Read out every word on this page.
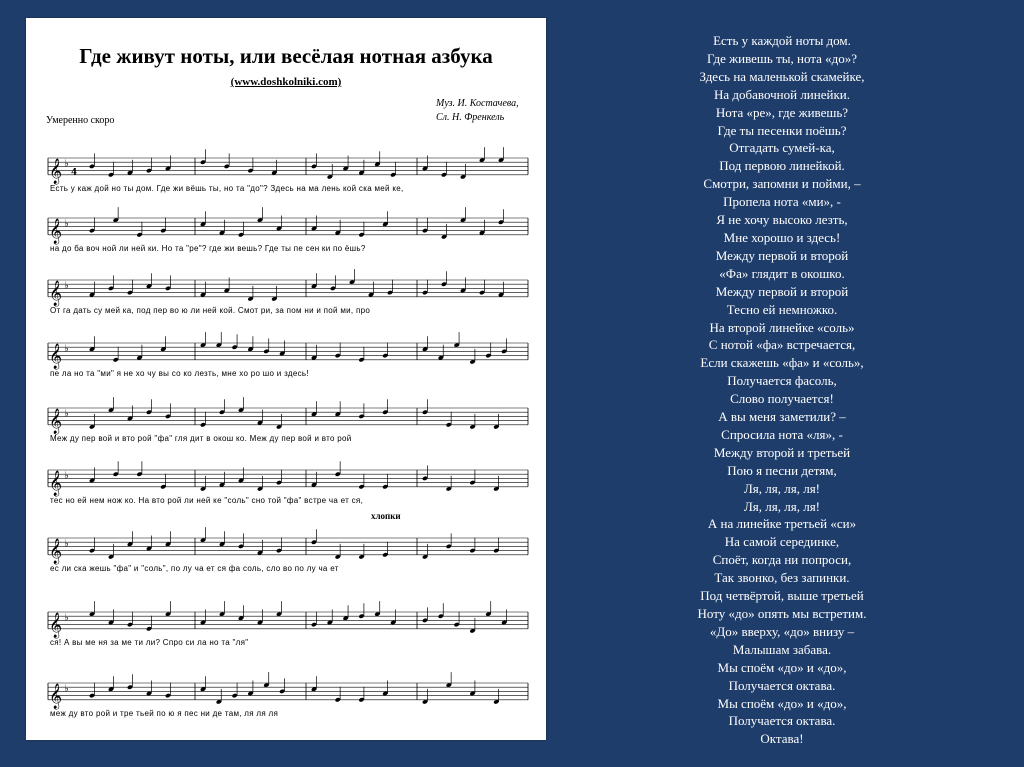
Где живут ноты, или весёлая нотная азбука
(www.doshkolniki.com)
Муз. И. Костачева,
Сл. Н. Френкель
Умеренно скоро
хлопки
𝄞 ♭
4
𝄞 ♭
𝄞 ♭
𝄞 ♭
𝄞 ♭
𝄞 ♭
𝄞 ♭
𝄞 ♭
𝄞 ♭
Есть у каж дой но ты дом. Где жи вёшь ты, но та "до"? Здесь на ма лень кой ска мей ке,
на до ба воч ной ли ней ки. Но та "ре"? где жи вешь? Где ты пе сен ки по ёшь?
От га дать су мей ка, под пер во ю ли ней кой. Смот ри, за пом ни и пой ми, про
пе ла но та "ми" я не хо чу вы со ко лезть, мне хо ро шо и здесь!
Меж ду пер вой и вто рой "фа" гля дит в окош ко. Меж ду пер вой и вто рой
тес но ей нем нож ко. На вто рой ли ней ке "соль" сно той "фа" встре ча ет ся,
ес ли ска жешь "фа" и "соль", по лу ча ет ся фа соль, сло во по лу ча ет
ся! А вы ме ня за ме ти ли? Спро си ла но та "ля"
меж ду вто рой и тре тьей по ю я пес ни де там, ля ля ля
Есть у каждой ноты дом.
Где живешь ты, нота «до»?
Здесь на маленькой скамейке,
На добавочной линейки.
Нота «ре», где живешь?
Где ты песенки поёшь?
Отгадать сумей-ка,
Под первою линейкой.
Смотри, запомни и пойми, –
Пропела нота «ми», -
Я не хочу высоко лезть,
Мне хорошо и здесь!
Между первой и второй
«Фа» глядит в окошко.
Между первой и второй
Тесно ей немножко.
На второй линейке «соль»
С нотой «фа» встречается,
Если скажешь «фа» и «соль»,
Получается фасоль,
Слово получается!
А вы меня заметили? –
Спросила нота «ля», -
Между второй и третьей
Пою я песни детям,
Ля, ля, ля, ля!
Ля, ля, ля, ля!
А на линейке третьей «си»
На самой серединке,
Споёт, когда ни попроси,
Так звонко, без запинки.
Под четвёртой, выше третьей
Ноту «до» опять мы встретим.
«До» вверху, «до» внизу –
Малышам забава.
Мы споём «до» и «до»,
Получается октава.
Мы споём «до» и «до»,
Получается октава.
Октава!
